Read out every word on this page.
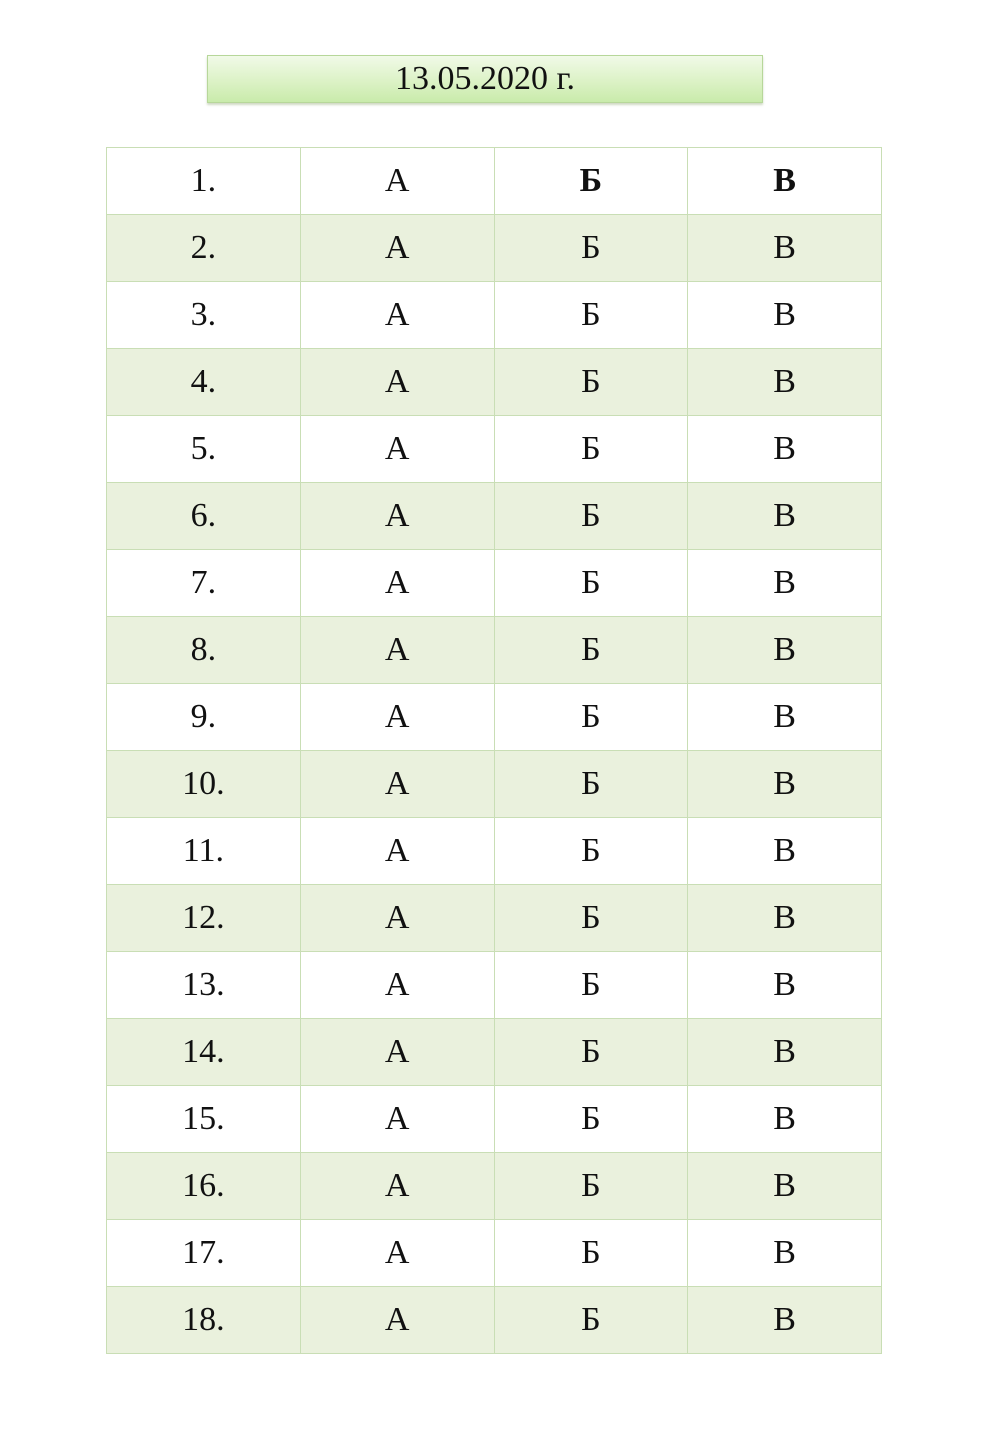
13.05.2020 г.
1.	А	Б	В
2.	А	Б	В
3.	А	Б	В
4.	А	Б	В
5.	А	Б	В
6.	А	Б	В
7.	А	Б	В
8.	А	Б	В
9.	А	Б	В
10.	А	Б	В
11.	А	Б	В
12.	А	Б	В
13.	А	Б	В
14.	А	Б	В
15.	А	Б	В
16.	А	Б	В
17.	А	Б	В
18.	А	Б	В
